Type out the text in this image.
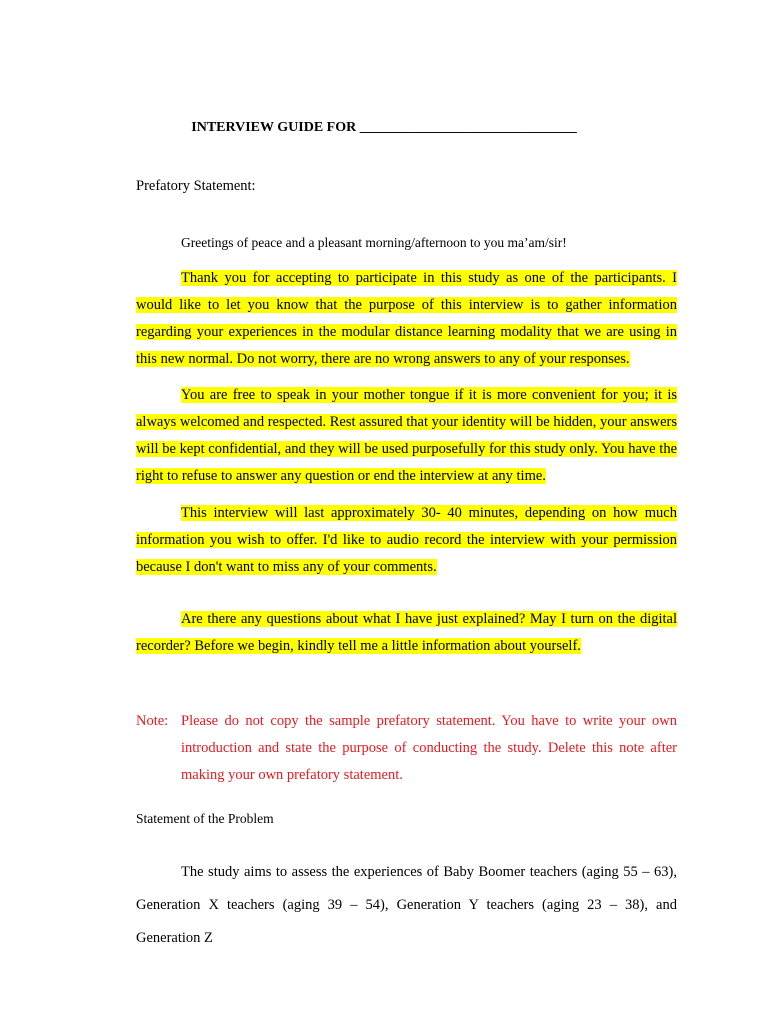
INTERVIEW GUIDE FOR _______________________________
Prefatory Statement:
Greetings of peace and a pleasant morning/afternoon to you ma’am/sir!
Thank you for accepting to participate in this study as one of the participants. I would like to let you know that the purpose of this interview is to gather information regarding your experiences in the modular distance learning modality that we are using in this new normal. Do not worry, there are no wrong answers to any of your responses.
You are free to speak in your mother tongue if it is more convenient for you; it is always welcomed and respected. Rest assured that your identity will be hidden, your answers will be kept confidential, and they will be used purposefully for this study only. You have the right to refuse to answer any question or end the interview at any time.
This interview will last approximately 30- 40 minutes, depending on how much information you wish to offer. I'd like to audio record the interview with your permission because I don't want to miss any of your comments.
Are there any questions about what I have just explained? May I turn on the digital recorder? Before we begin, kindly tell me a little information about yourself.
Note: Please do not copy the sample prefatory statement. You have to write your own introduction and state the purpose of conducting the study. Delete this note after making your own prefatory statement.
Statement of the Problem
The study aims to assess the experiences of Baby Boomer teachers (aging 55 – 63), Generation X teachers (aging 39 – 54), Generation Y teachers (aging 23 – 38), and Generation Z
